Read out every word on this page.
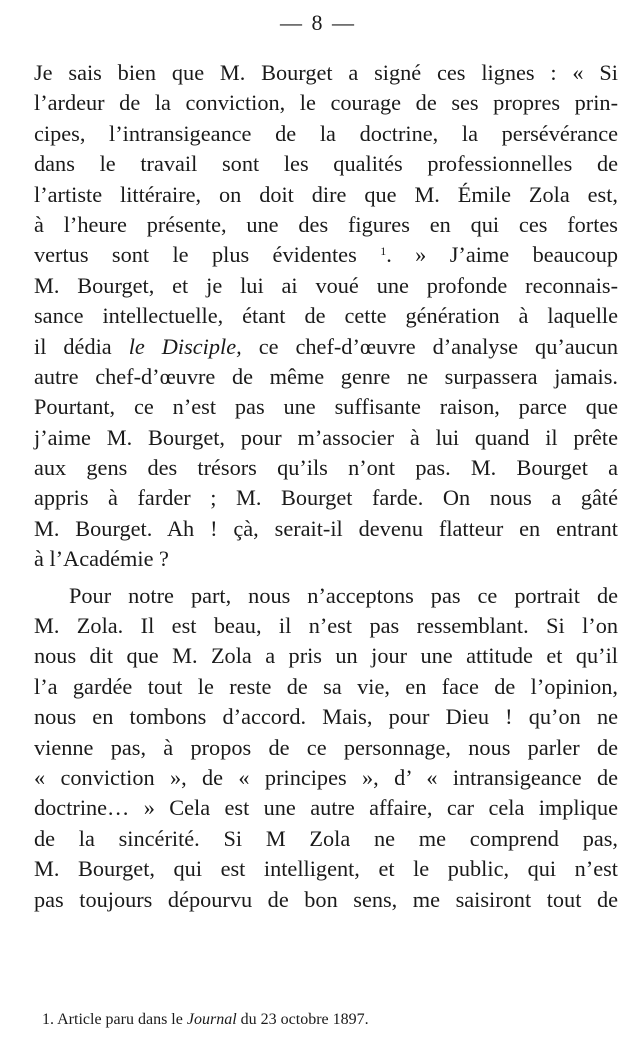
— 8 —
Je sais bien que M. Bourget a signé ces lignes : « Si
l’ardeur de la conviction, le courage de ses propres prin-
cipes, l’intransigeance de la doctrine, la persévérance
dans le travail sont les qualités professionnelles de
l’artiste littéraire, on doit dire que M. Émile Zola est,
à l’heure présente, une des figures en qui ces fortes
vertus sont le plus évidentes $^1$. » J’aime beaucoup
M. Bourget, et je lui ai voué une profonde reconnais-
sance intellectuelle, étant de cette génération à laquelle
il dédia le Disciple, ce chef-d’œuvre d’analyse qu’aucun
autre chef-d’œuvre de même genre ne surpassera jamais.
Pourtant, ce n’est pas une suffisante raison, parce que
j’aime M. Bourget, pour m’associer à lui quand il prête
aux gens des trésors qu’ils n’ont pas. M. Bourget a
appris à farder ; M. Bourget farde. On nous a gâté
M. Bourget. Ah ! çà, serait-il devenu flatteur en entrant
à l’Académie ?
Pour notre part, nous n’acceptons pas ce portrait de
M. Zola. Il est beau, il n’est pas ressemblant. Si l’on
nous dit que M. Zola a pris un jour une attitude et qu’il
l’a gardée tout le reste de sa vie, en face de l’opinion,
nous en tombons d’accord. Mais, pour Dieu ! qu’on ne
vienne pas, à propos de ce personnage, nous parler de
« conviction », de « principes », d’ « intransigeance de
doctrine… » Cela est une autre affaire, car cela implique
de la sincérité. Si M Zola ne me comprend pas,
M. Bourget, qui est intelligent, et le public, qui n’est
pas toujours dépourvu de bon sens, me saisiront tout de
1. Article paru dans le Journal du 23 octobre 1897.
